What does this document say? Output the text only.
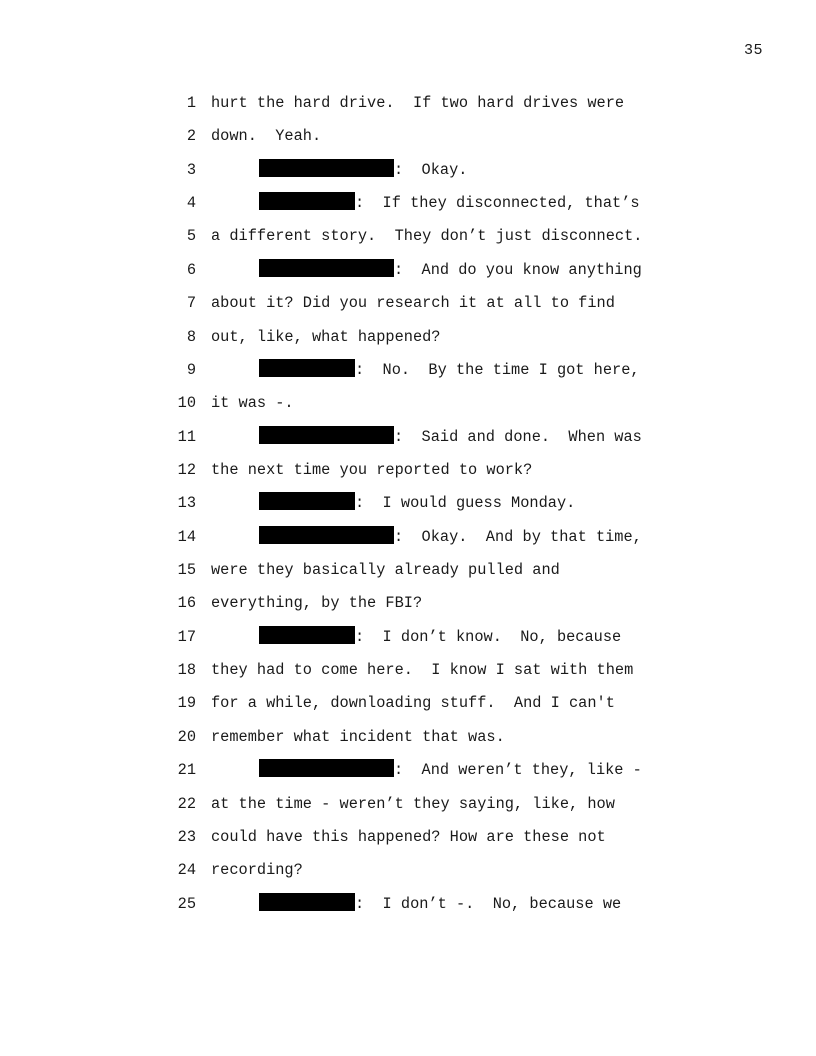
35
1 hurt the hard drive.  If two hard drives were
2 down.  Yeah.
3	:  Okay.
4	:  If they disconnected, that’s
5 a different story.  They don’t just disconnect.
6	:  And do you know anything
7 about it? Did you research it at all to find
8 out, like, what happened?
9	:  No.  By the time I got here,
10 it was -.
11	:  Said and done.  When was
12 the next time you reported to work?
13	:  I would guess Monday.
14	:  Okay.  And by that time,
15 were they basically already pulled and
16 everything, by the FBI?
17	:  I don’t know.  No, because
18 they had to come here.  I know I sat with them
19 for a while, downloading stuff.  And I can't
20 remember what incident that was.
21	:  And weren’t they, like -
22 at the time - weren’t they saying, like, how
23 could have this happened? How are these not
24 recording?
25	:  I don’t -.  No, because we
